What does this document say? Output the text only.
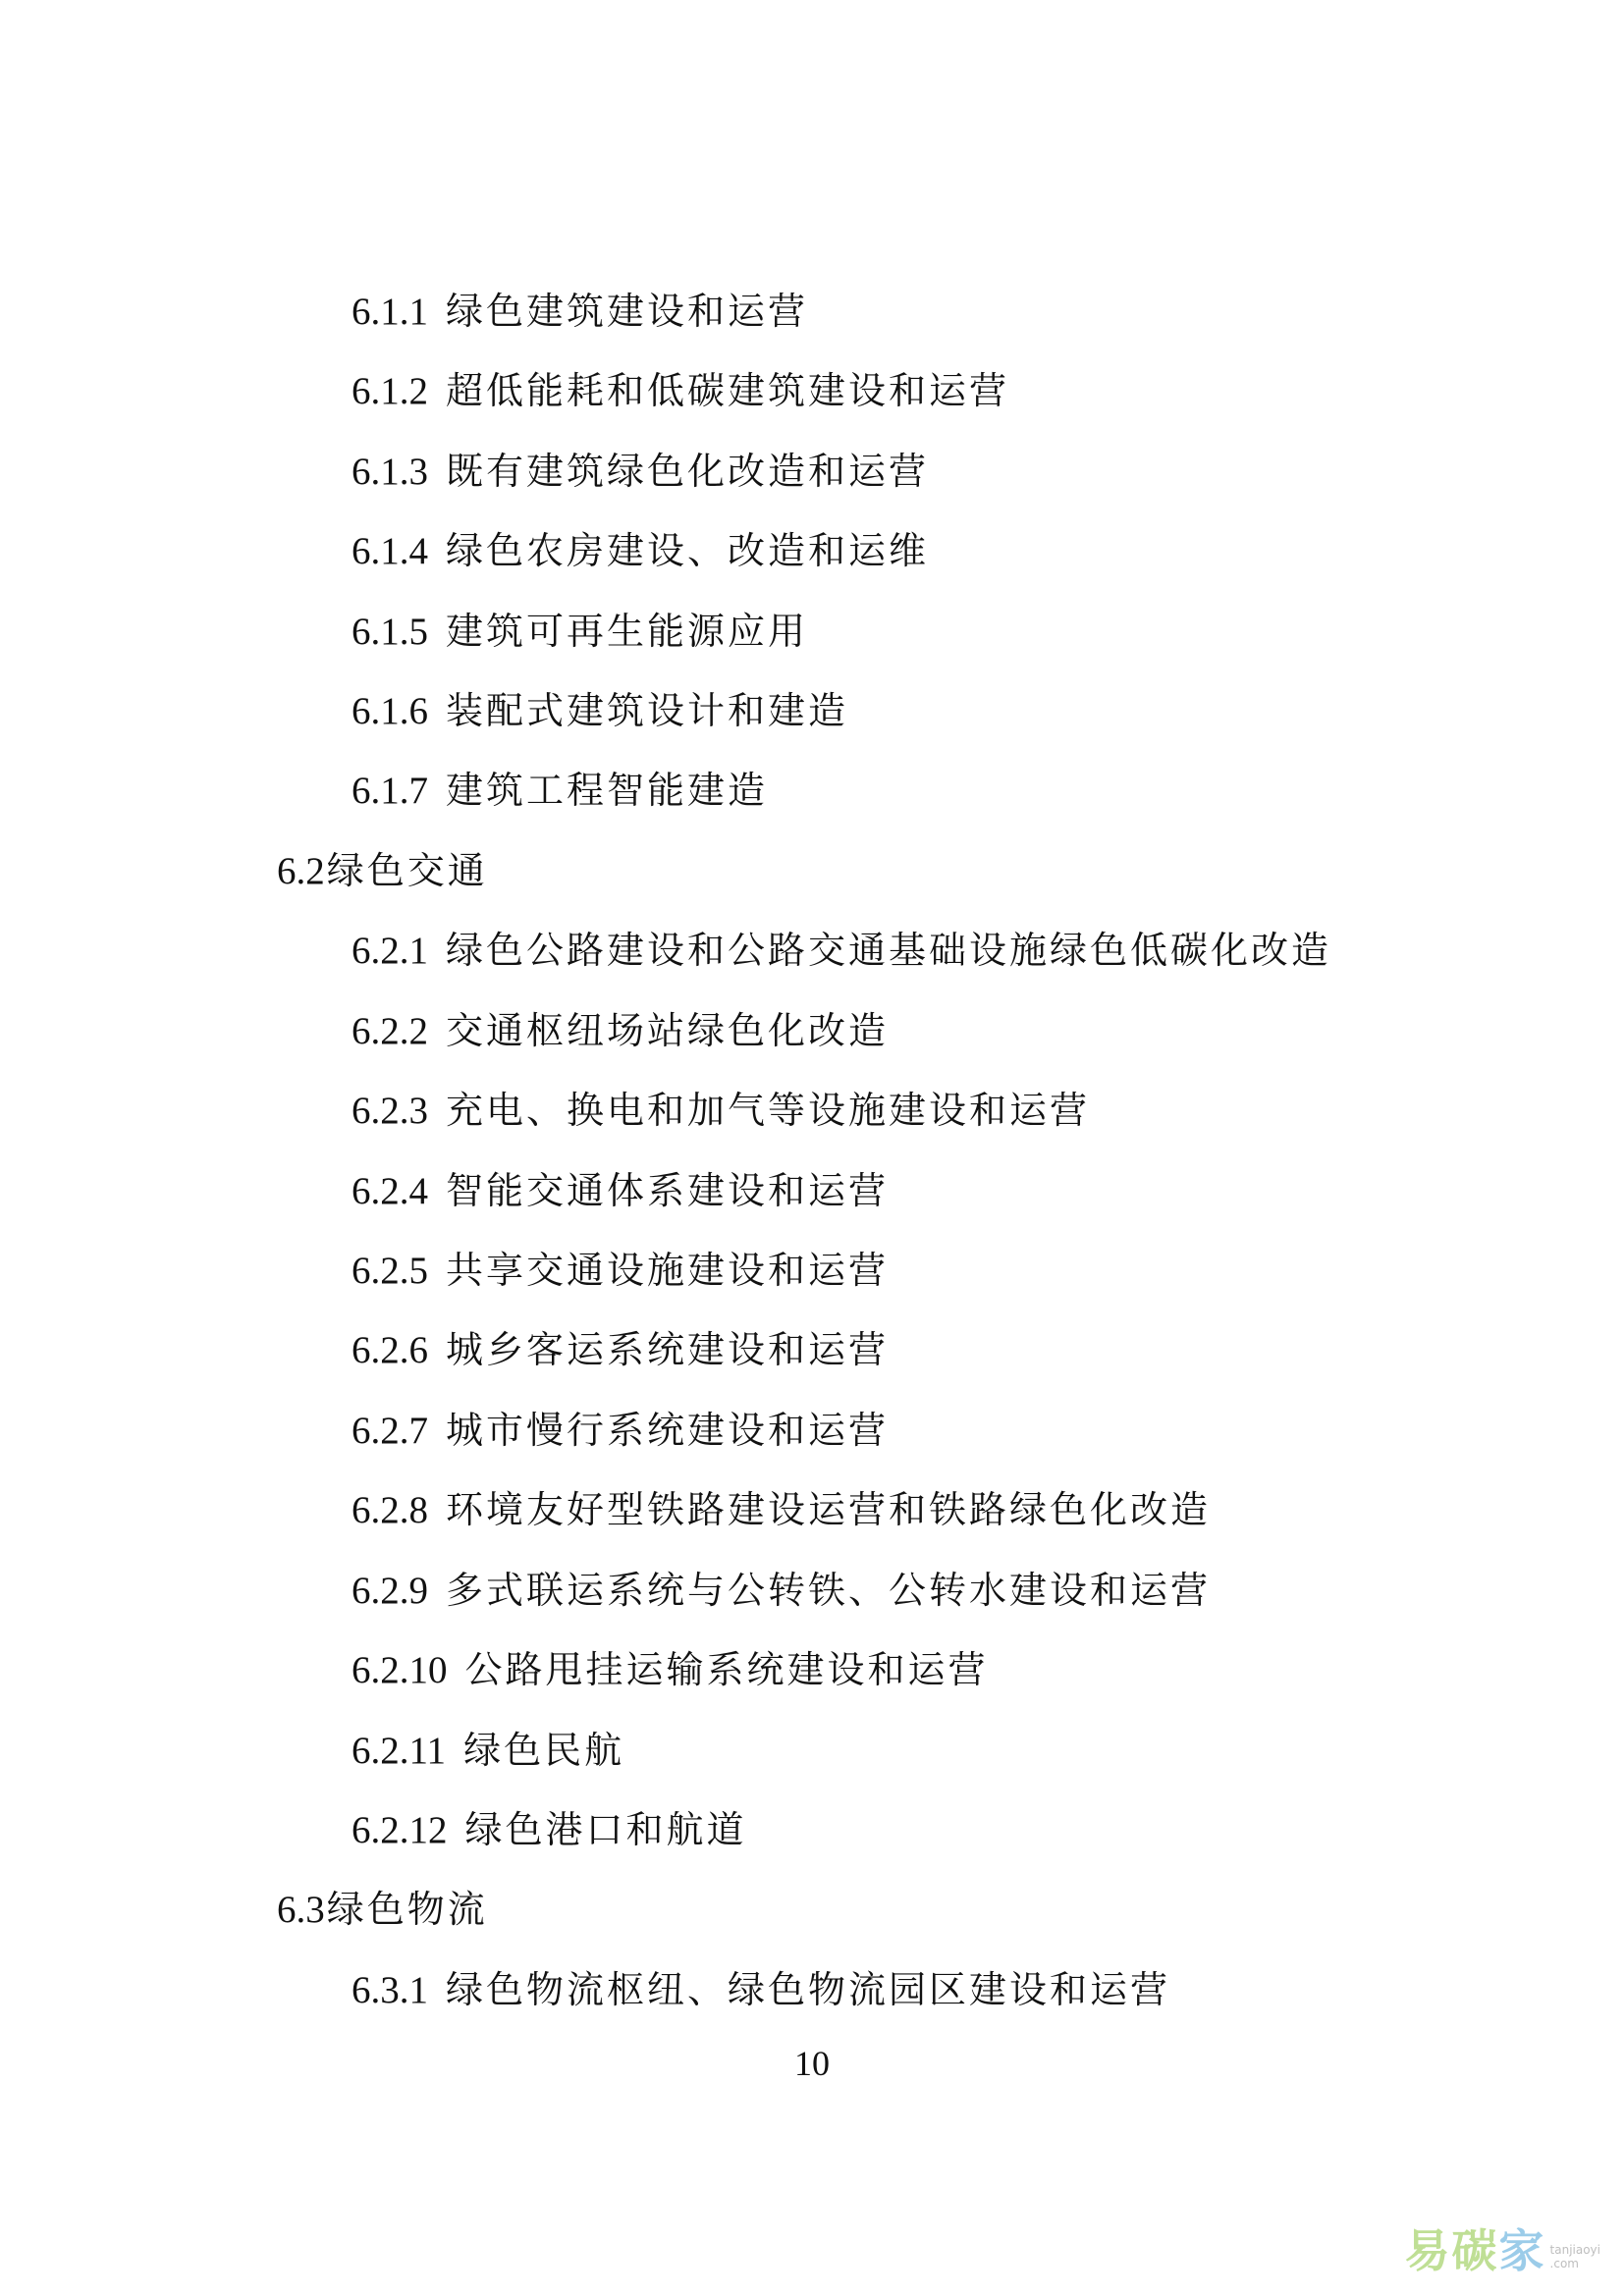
6.1.1 绿色建筑建设和运营
6.1.2 超低能耗和低碳建筑建设和运营
6.1.3 既有建筑绿色化改造和运营
6.1.4 绿色农房建设、改造和运维
6.1.5 建筑可再生能源应用
6.1.6 装配式建筑设计和建造
6.1.7 建筑工程智能建造
6.2绿色交通
6.2.1 绿色公路建设和公路交通基础设施绿色低碳化改造
6.2.2 交通枢纽场站绿色化改造
6.2.3 充电、换电和加气等设施建设和运营
6.2.4 智能交通体系建设和运营
6.2.5 共享交通设施建设和运营
6.2.6 城乡客运系统建设和运营
6.2.7 城市慢行系统建设和运营
6.2.8 环境友好型铁路建设运营和铁路绿色化改造
6.2.9 多式联运系统与公转铁、公转水建设和运营
6.2.10 公路甩挂运输系统建设和运营
6.2.11 绿色民航
6.2.12 绿色港口和航道
6.3绿色物流
6.3.1 绿色物流枢纽、绿色物流园区建设和运营
10
易碳家 tanjiaoyi
.com
